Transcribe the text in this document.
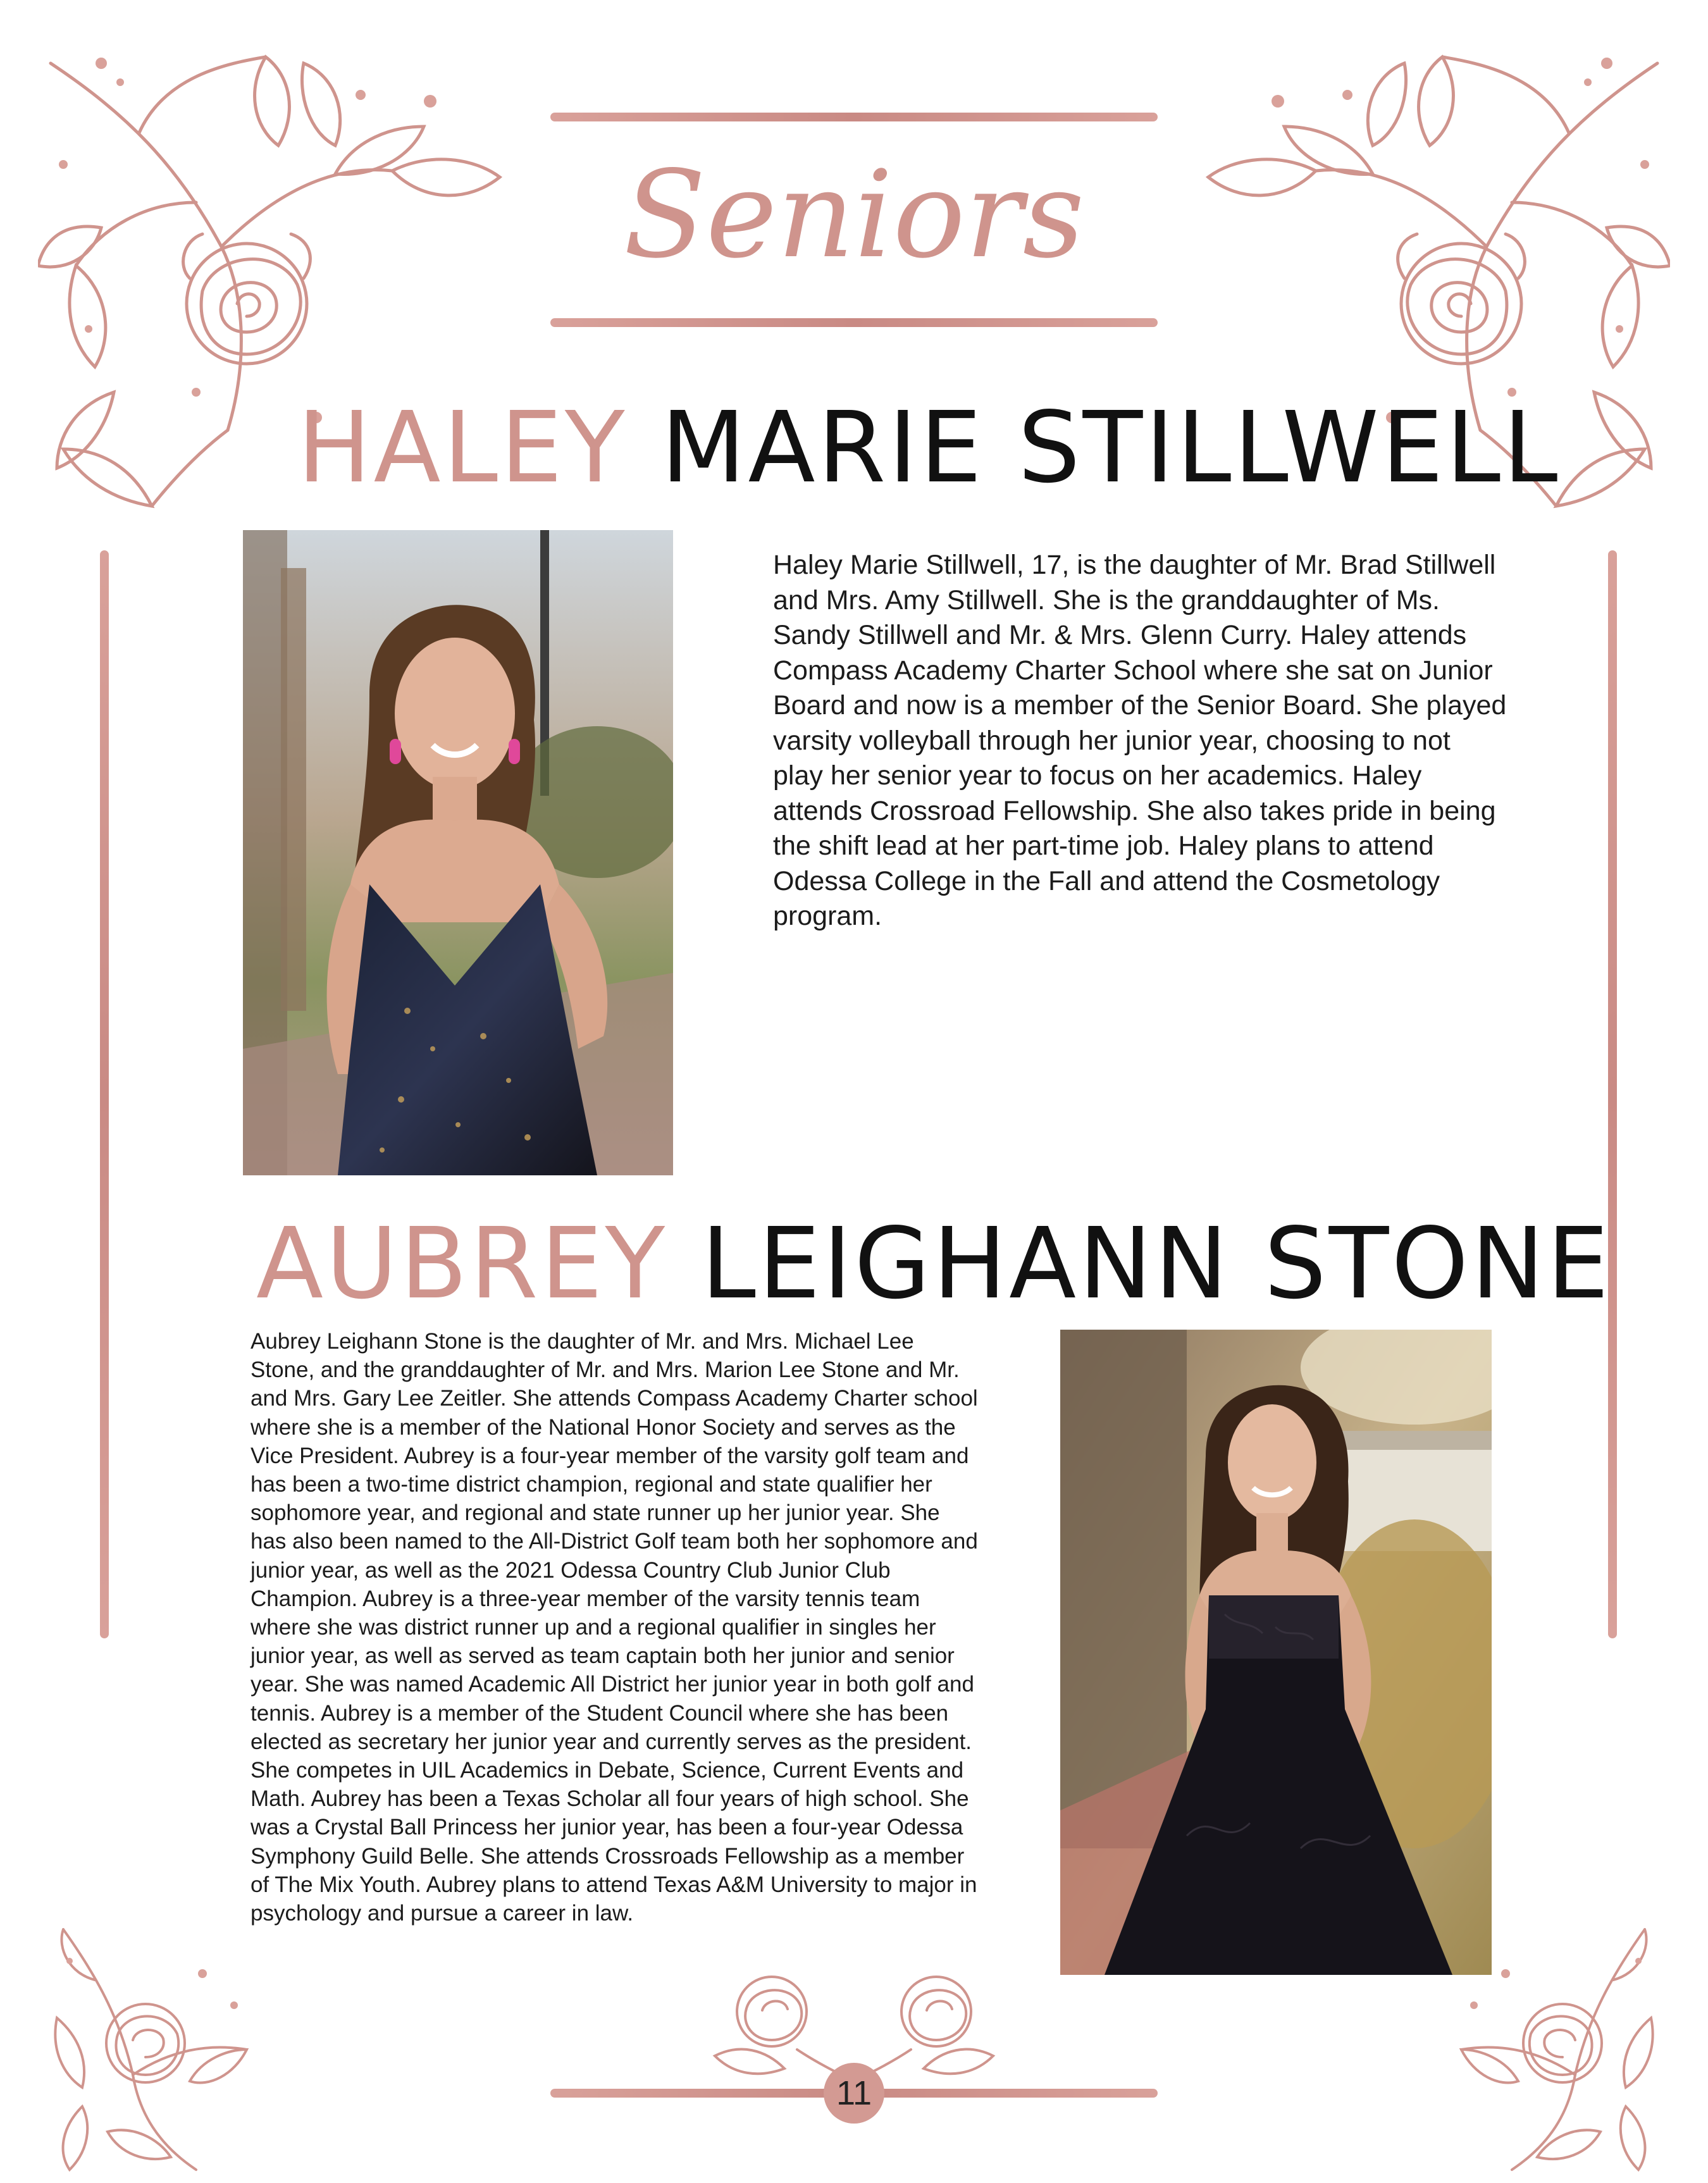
Seniors
HALEY MARIE STILLWELL

Haley Marie Stillwell, 17, is the daughter of Mr. Brad Stillwell and Mrs. Amy Stillwell. She is the granddaughter of Ms. Sandy Stillwell and Mr. & Mrs. Glenn Curry. Haley attends Compass Academy Charter School where she sat on Junior Board and now is a member of the Senior Board. She played varsity volleyball through her junior year, choosing to not play her senior year to focus on her academics. Haley attends Crossroad Fellowship. She also takes pride in being the shift lead at her part-time job. Haley plans to attend Odessa College in the Fall and attend the Cosmetology program.

AUBREY LEIGHANN STONE

Aubrey Leighann Stone is the daughter of Mr. and Mrs. Michael Lee Stone, and the granddaughter of Mr. and Mrs. Marion Lee Stone and Mr. and Mrs. Gary Lee Zeitler. She attends Compass Academy Charter school where she is a member of the National Honor Society and serves as the Vice President. Aubrey is a four-year member of the varsity golf team and has been a two-time district champion, regional and state qualifier her sophomore year, and regional and state runner up her junior year. She has also been named to the All-District Golf team both her sophomore and junior year, as well as the 2021 Odessa Country Club Junior Club Champion. Aubrey is a three-year member of the varsity tennis team where she was district runner up and a regional qualifier in singles her junior year, as well as served as team captain both her junior and senior year. She was named Academic All District her junior year in both golf and tennis. Aubrey is a member of the Student Council where she has been elected as secretary her junior year and currently serves as the president. She competes in UIL Academics in Debate, Science, Current Events and Math. Aubrey has been a Texas Scholar all four years of high school. She was a Crystal Ball Princess her junior year, has been a four-year Odessa Symphony Guild Belle. She attends Crossroads Fellowship as a member of The Mix Youth. Aubrey plans to attend Texas A&M University to major in psychology and pursue a career in law.

11
